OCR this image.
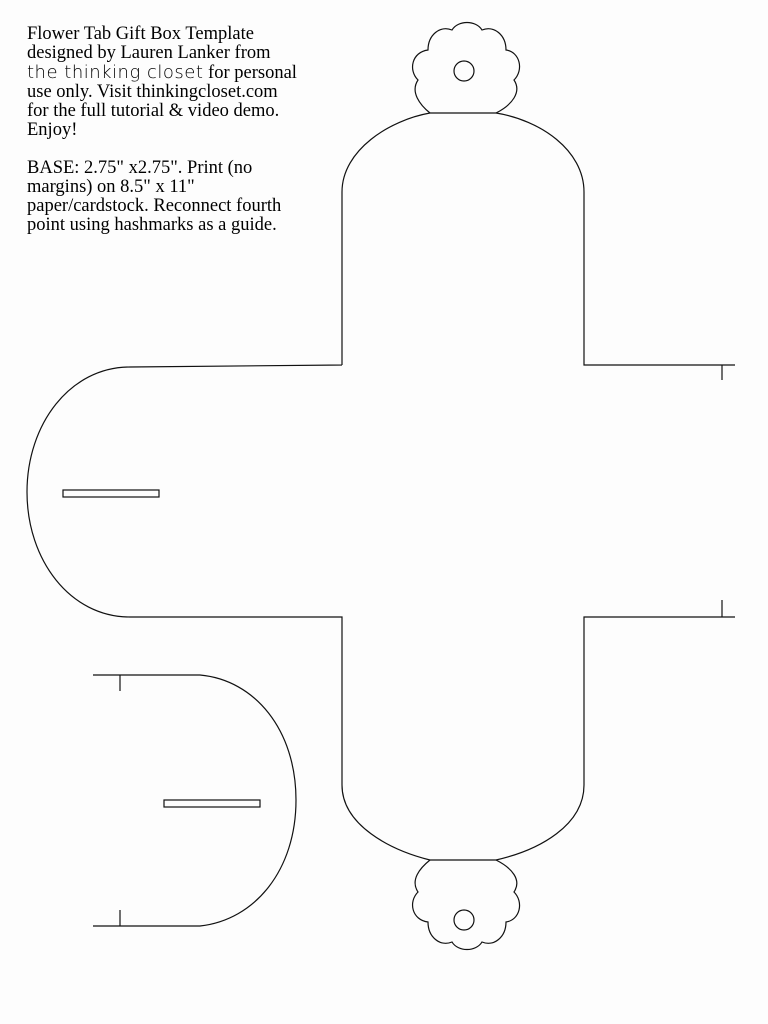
Flower Tab Gift Box Template
designed by Lauren Lanker from
the thinking closet for personal
use only. Visit thinkingcloset.com
for the full tutorial & video demo.
Enjoy!

BASE: 2.75" x2.75". Print (no
margins) on 8.5" x 11"
paper/cardstock. Reconnect fourth
point using hashmarks as a guide.
